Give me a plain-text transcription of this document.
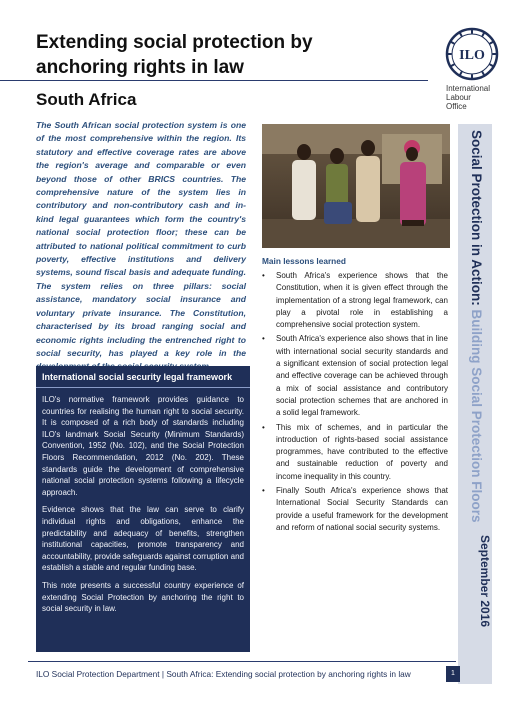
Extending social protection by anchoring rights in law
ILO
International
Labour
Office
South Africa

The South African social protection system is one of the most comprehensive within the region. Its statutory and effective coverage rates are above the region's average and comparable or even beyond those of other BRICS countries. The comprehensive nature of the system lies in contributory and non-contributory cash and in-kind legal guarantees which form the country's national social protection floor; these can be attributed to national political commitment to curb poverty, effective institutions and delivery systems, sound fiscal basis and adequate funding. The system relies on three pillars: social assistance, mandatory social insurance and voluntary private insurance. The Constitution, characterised by its broad ranging social and economic rights including the entrenched right to social security, has played a key role in the

International social security legal framework

ILO's normative framework provides guidance to countries for realising the human right to social security. It is composed of a rich body of standards including ILO's landmark Social Security (Minimum Standards) Convention, 1952 (No. 102), and the Social Protection Floors Recommendation, 2012 (No. 202). These standards guide the development of comprehensive national social protection systems following a lifecycle approach.

Evidence shows that the law can serve to clarify individual rights and obligations, enhance the predictability and adequacy of benefits, strengthen institutional capacities, promote transparency and accountability, provide safeguards against corruption and establish a stable and regular funding base.

This note presents a successful country experience of extending Social Protection by anchoring the right to social security in law.

Main lessons learned

• South Africa's experience shows that the Constitution, when it is given effect through the implementation of a strong legal framework, can play a pivotal role in establishing a comprehensive social protection system.
• South Africa's experience also shows that in line with international social security standards and a significant extension of social protection legal and effective coverage can be achieved through a mix of social assistance and contributory social protection schemes that are anchored in a solid legal framework.
• This mix of schemes, and in particular the introduction of rights-based social assistance programmes, have contributed to the effective and sustainable reduction of poverty and income inequality in this country.
• Finally South Africa's experience shows that International Social Security Standards can provide a useful framework for the development and reform of national social security systems.
Social Protection in Action: Building Social Protection Floors
September 2016

ILO Social Protection Department | South Africa: Extending social protection by anchoring rights in law	1
